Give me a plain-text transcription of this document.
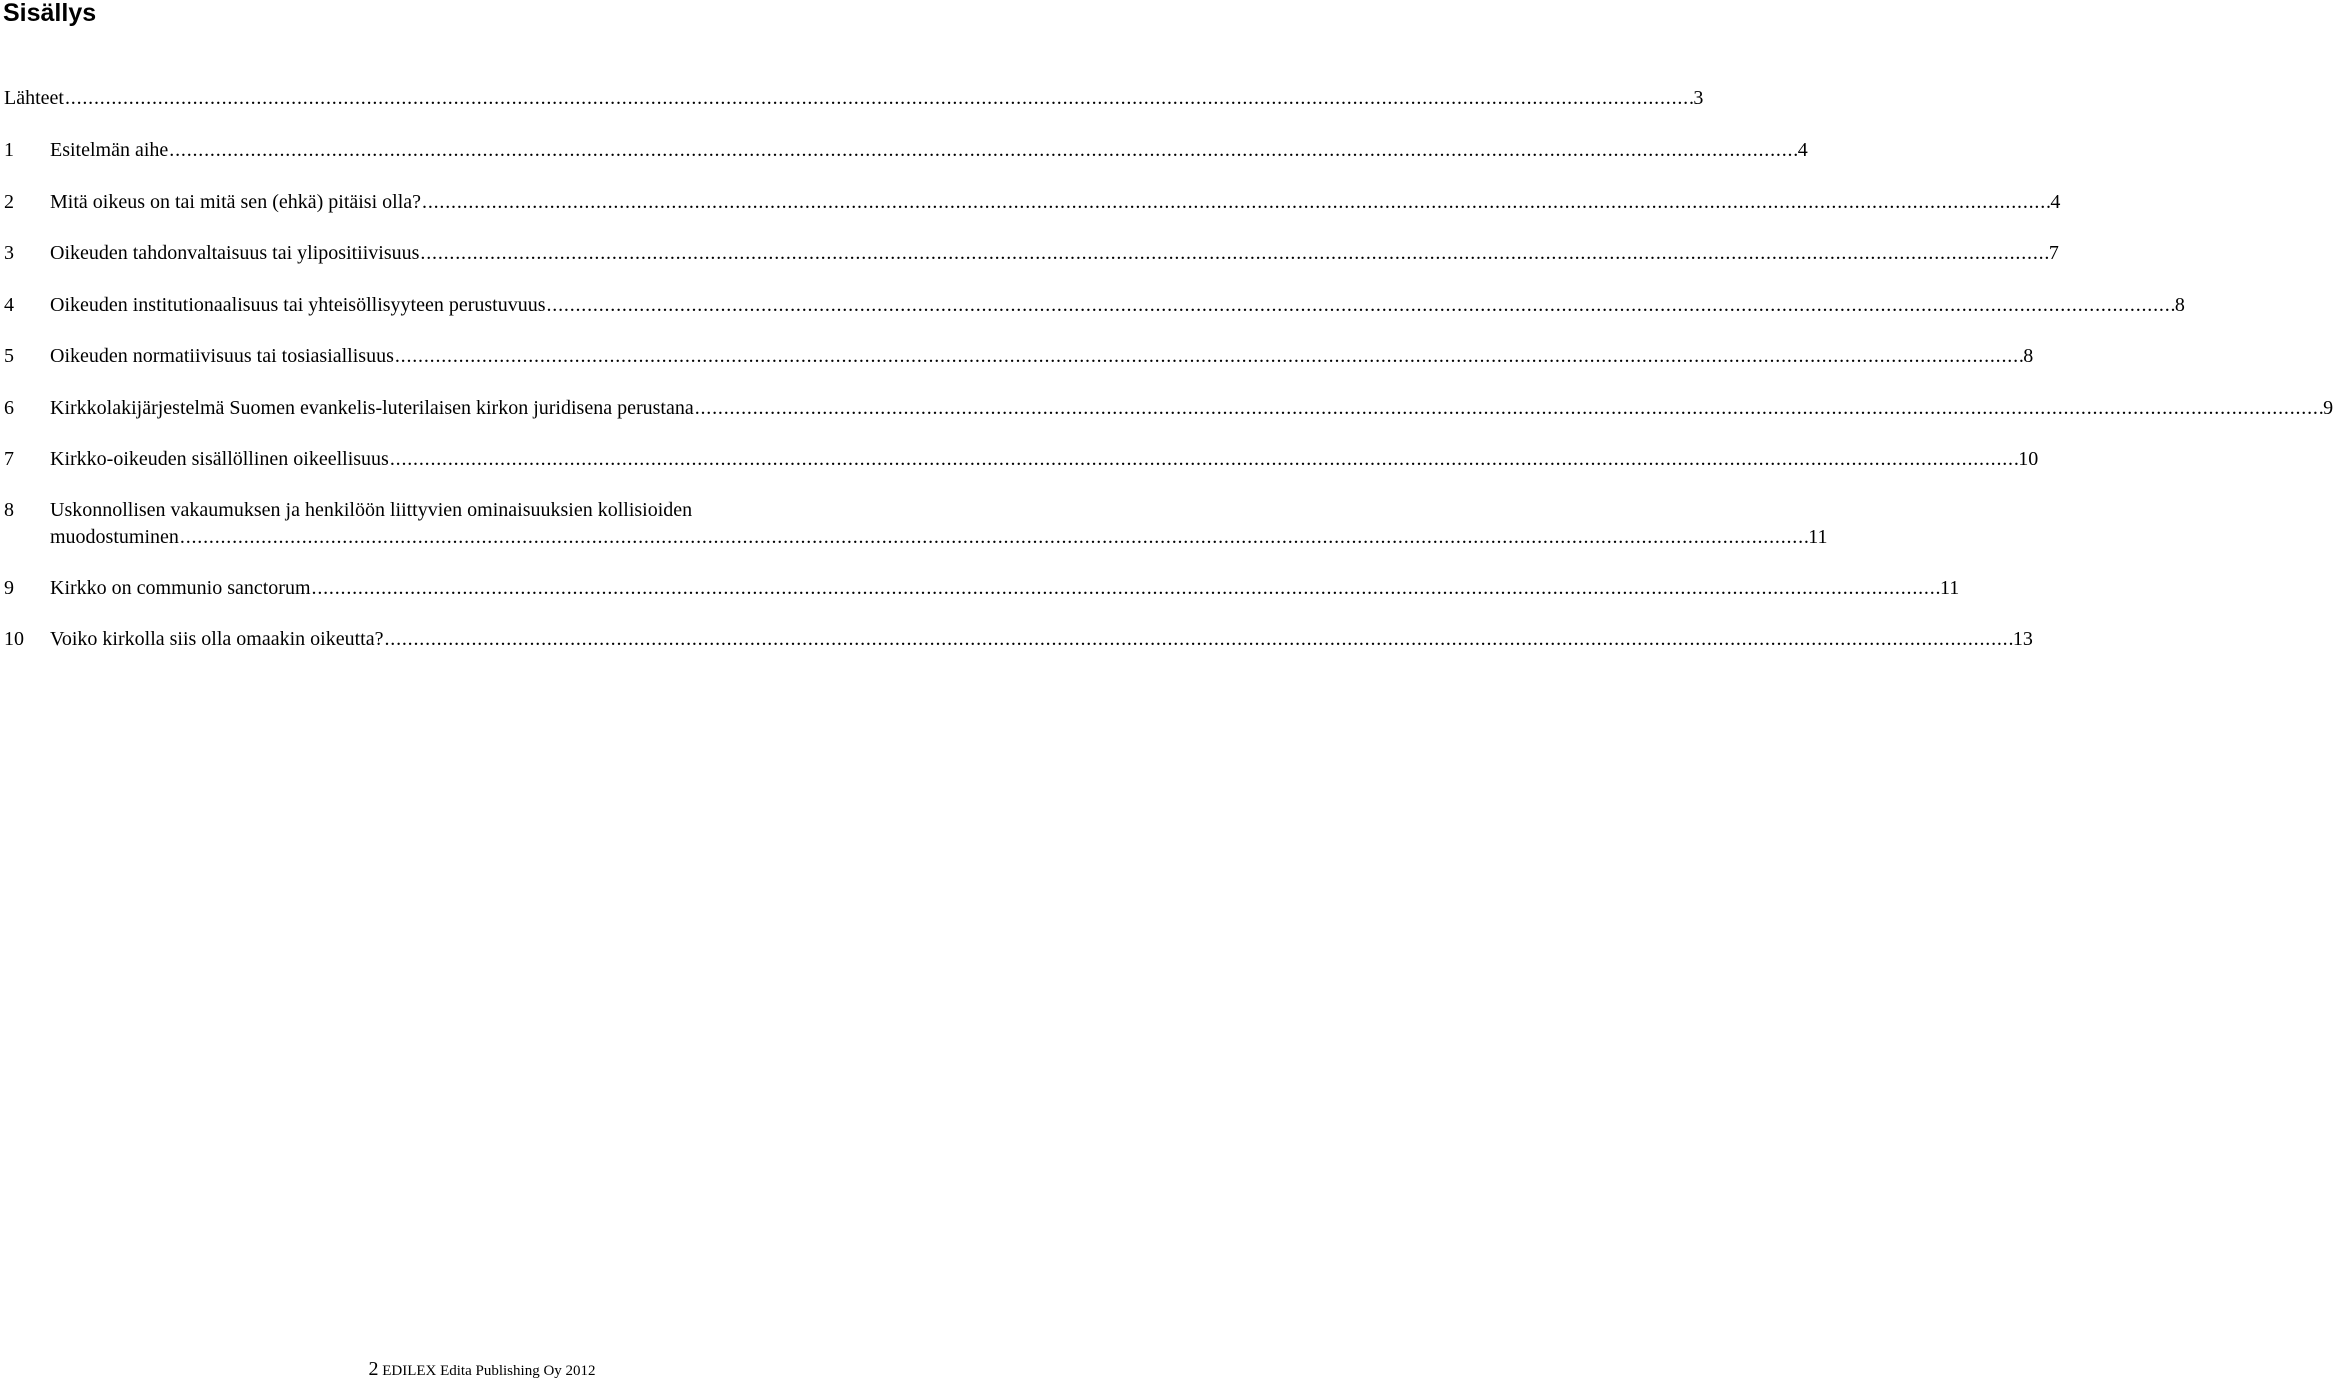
Sisällys
Lähteet . . .	3
1	Esitelmän aihe . . .	4
2	Mitä oikeus on tai mitä sen (ehkä) pitäisi olla? . . .	4
3	Oikeuden tahdonvaltaisuus tai ylipositiivisuus . . .	7
4	Oikeuden institutionaalisuus tai yhteisöllisyyteen perustuvuus . . .	8
5	Oikeuden normatiivisuus tai tosiasiallisuus . . .	8
6	Kirkkolakijärjestelmä Suomen evankelis-luterilaisen kirkon juridisena perustana . . .	9
7	Kirkko-oikeuden sisällöllinen oikeellisuus . . .	10
8	Uskonnollisen vakaumuksen ja henkilöön liittyvien ominaisuuksien kollisioiden
muodostuminen . . .	11
9	Kirkko on communio sanctorum . . .	11
10	Voiko kirkolla siis olla omaakin oikeutta? . . .	13
2 EDILEX Edita Publishing Oy 2012
